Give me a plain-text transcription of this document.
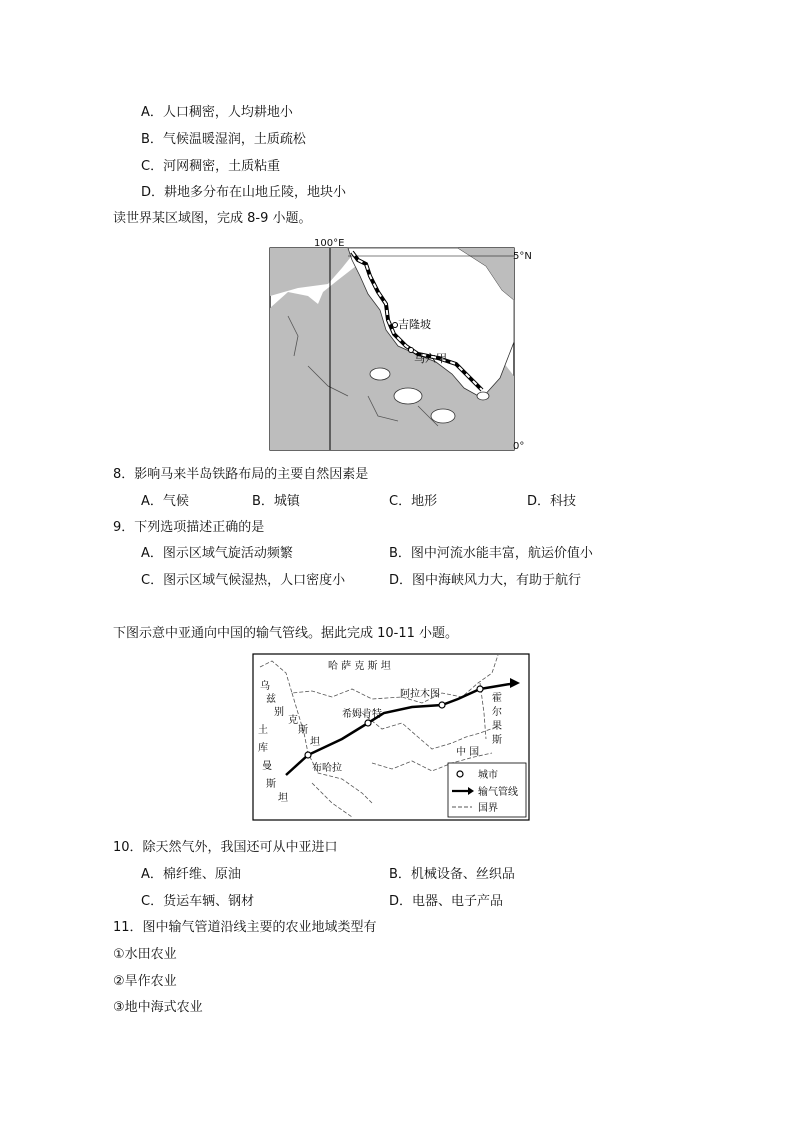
A．人口稠密，人均耕地小
B．气候温暖湿润，土质疏松
C．河网稠密，土质粘重
D．耕地多分布在山地丘陵，地块小
读世界某区域图，完成 8-9 小题。
吉隆坡
马六甲
100°E
5°N
0°
8．影响马来半岛铁路布局的主要自然因素是
A．气候	B．城镇	C．地形	D．科技
9．下列选项描述正确的是
A．图示区域气旋活动频繁	B．图中河流水能丰富，航运价值小
C．图示区域气候湿热，人口密度小	D．图中海峡风力大，有助于航行
下图示意中亚通向中国的输气管线。据此完成 10-11 小题。
哈 萨 克 斯 坦
乌
兹
别
克
斯
坦
土
库
曼
斯
坦
希姆肯特
阿拉木图	霍
尔
果
斯
布哈拉
中 国
城市
输气管线
国界
10．除天然气外，我国还可从中亚进口
A．棉纤维、原油	B．机械设备、丝织品
C．货运车辆、钢材	D．电器、电子产品
11．图中输气管道沿线主要的农业地域类型有
①水田农业
②旱作农业
③地中海式农业
